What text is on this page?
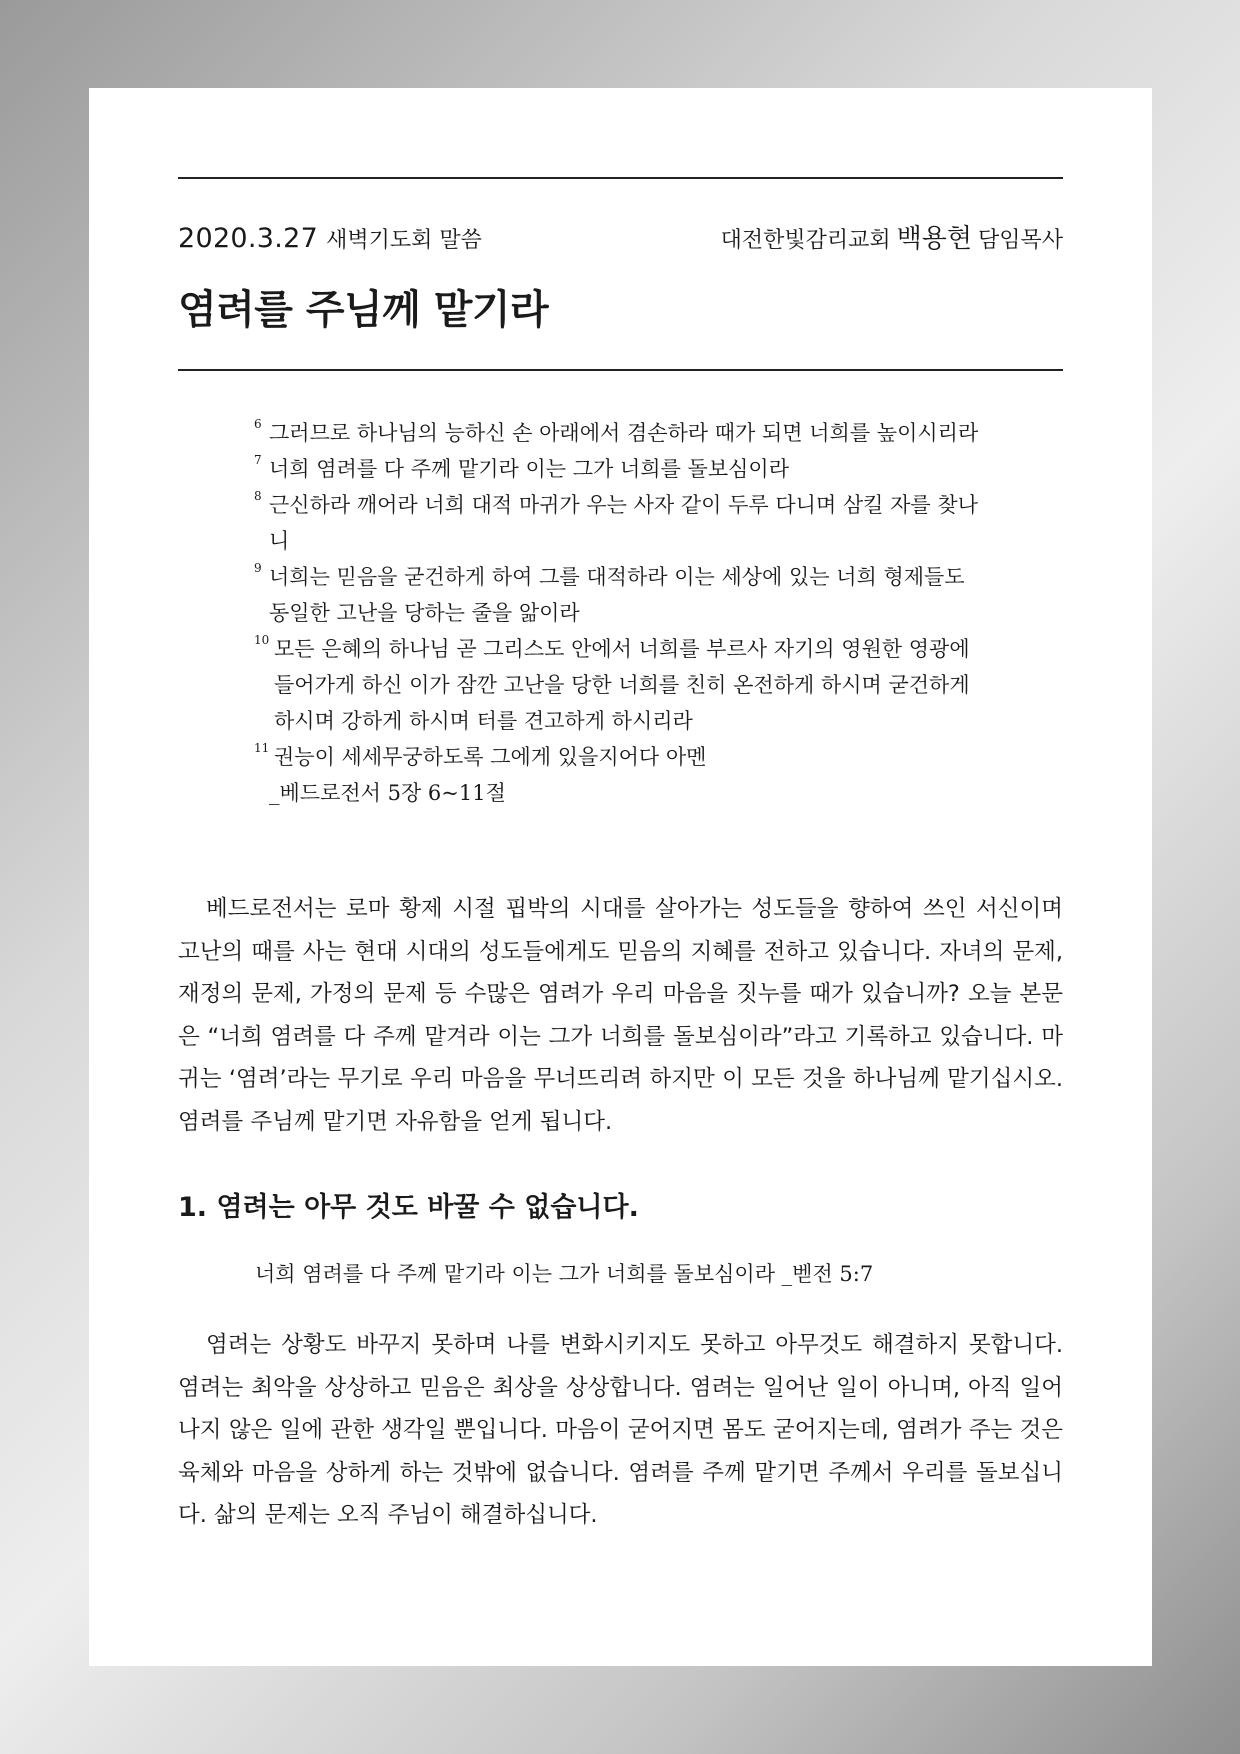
2020.3.27 새벽기도회 말씀	대전한빛감리교회 백용현 담임목사
염려를 주님께 맡기라
6 그러므로 하나님의 능하신 손 아래에서 겸손하라 때가 되면 너희를 높이시리라
7 너희 염려를 다 주께 맡기라 이는 그가 너희를 돌보심이라
8 근신하라 깨어라 너희 대적 마귀가 우는 사자 같이 두루 다니며 삼킬 자를 찾나니
9 너희는 믿음을 굳건하게 하여 그를 대적하라 이는 세상에 있는 너희 형제들도 동일한 고난을 당하는 줄을 앎이라
10 모든 은혜의 하나님 곧 그리스도 안에서 너희를 부르사 자기의 영원한 영광에 들어가게 하신 이가 잠깐 고난을 당한 너희를 친히 온전하게 하시며 굳건하게 하시며 강하게 하시며 터를 견고하게 하시리라
11 권능이 세세무궁하도록 그에게 있을지어다 아멘
_베드로전서 5장 6~11절

베드로전서는 로마 황제 시절 핍박의 시대를 살아가는 성도들을 향하여 쓰인 서신이며 고난의 때를 사는 현대 시대의 성도들에게도 믿음의 지혜를 전하고 있습니다. 자녀의 문제, 재정의 문제, 가정의 문제 등 수많은 염려가 우리 마음을 짓누를 때가 있습니까? 오늘 본문은 “너희 염려를 다 주께 맡겨라 이는 그가 너희를 돌보심이라”라고 기록하고 있습니다. 마귀는 ‘염려’라는 무기로 우리 마음을 무너뜨리려 하지만 이 모든 것을 하나님께 맡기십시오. 염려를 주님께 맡기면 자유함을 얻게 됩니다.

1. 염려는 아무 것도 바꿀 수 없습니다.

너희 염려를 다 주께 맡기라 이는 그가 너희를 돌보심이라 _벧전 5:7

염려는 상황도 바꾸지 못하며 나를 변화시키지도 못하고 아무것도 해결하지 못합니다. 염려는 최악을 상상하고 믿음은 최상을 상상합니다. 염려는 일어난 일이 아니며, 아직 일어나지 않은 일에 관한 생각일 뿐입니다. 마음이 굳어지면 몸도 굳어지는데, 염려가 주는 것은 육체와 마음을 상하게 하는 것밖에 없습니다. 염려를 주께 맡기면 주께서 우리를 돌보십니다. 삶의 문제는 오직 주님이 해결하십니다.
